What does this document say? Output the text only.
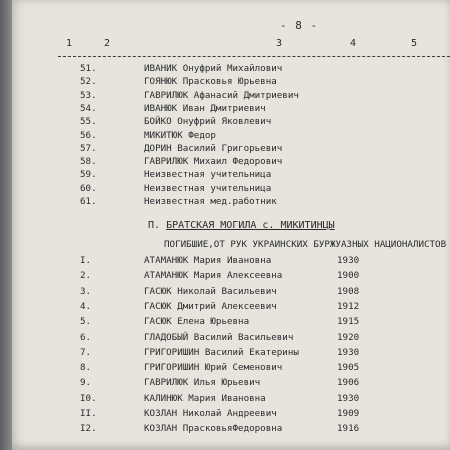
- 8 -
1	2	3	4	5
51.	ИВАНИК Онуфрий Михайлович
52.	ГОЯНЮК Прасковья Юрьевна
53.	ГАВРИЛЮК Афанасий Дмитриевич
54.	ИВАНЮК Иван Дмитриевич
55.	БОЙКО Онуфрий Яковлевич
56.	МИКИТЮК Федор
57.	ДОРИН Василий Григорьевич
58.	ГАВРИЛЮК Михаил Федорович
59.	Неизвестная учительница
60.	Неизвестная учительница
61.	Неизвестная мед.работник
П. БРАТСКАЯ МОГИЛА с. МИКИТИНЦЫ
ПОГИБШИЕ,ОТ РУК УКРАИНСКИХ БУРЖУАЗНЫХ НАЦИОНАЛИСТОВ
I.	АТАМАНЮК Мария Ивановна	1930
2.	АТАМАНЮК Мария Алексеевна	1900
3.	ГАСЮК Николай Васильевич	1908
4.	ГАСЮК Дмитрий Алексеевич	1912
5.	ГАСЮК Елена Юрьевна	1915
6.	ГЛАДОБЫЙ Василий Васильевич	1920
7.	ГРИГОРИШИН Василий Екатерины	1930
8.	ГРИГОРИШИН Юрий Семенович	1905
9.	ГАВРИЛЮК Илья Юрьевич	1906
I0.	КАЛИНЮК Мария Ивановна	1930
II.	КОЗЛАН Николай Андреевич	1909
I2.	КОЗЛАН ПрасковьяФедоровна	1916
